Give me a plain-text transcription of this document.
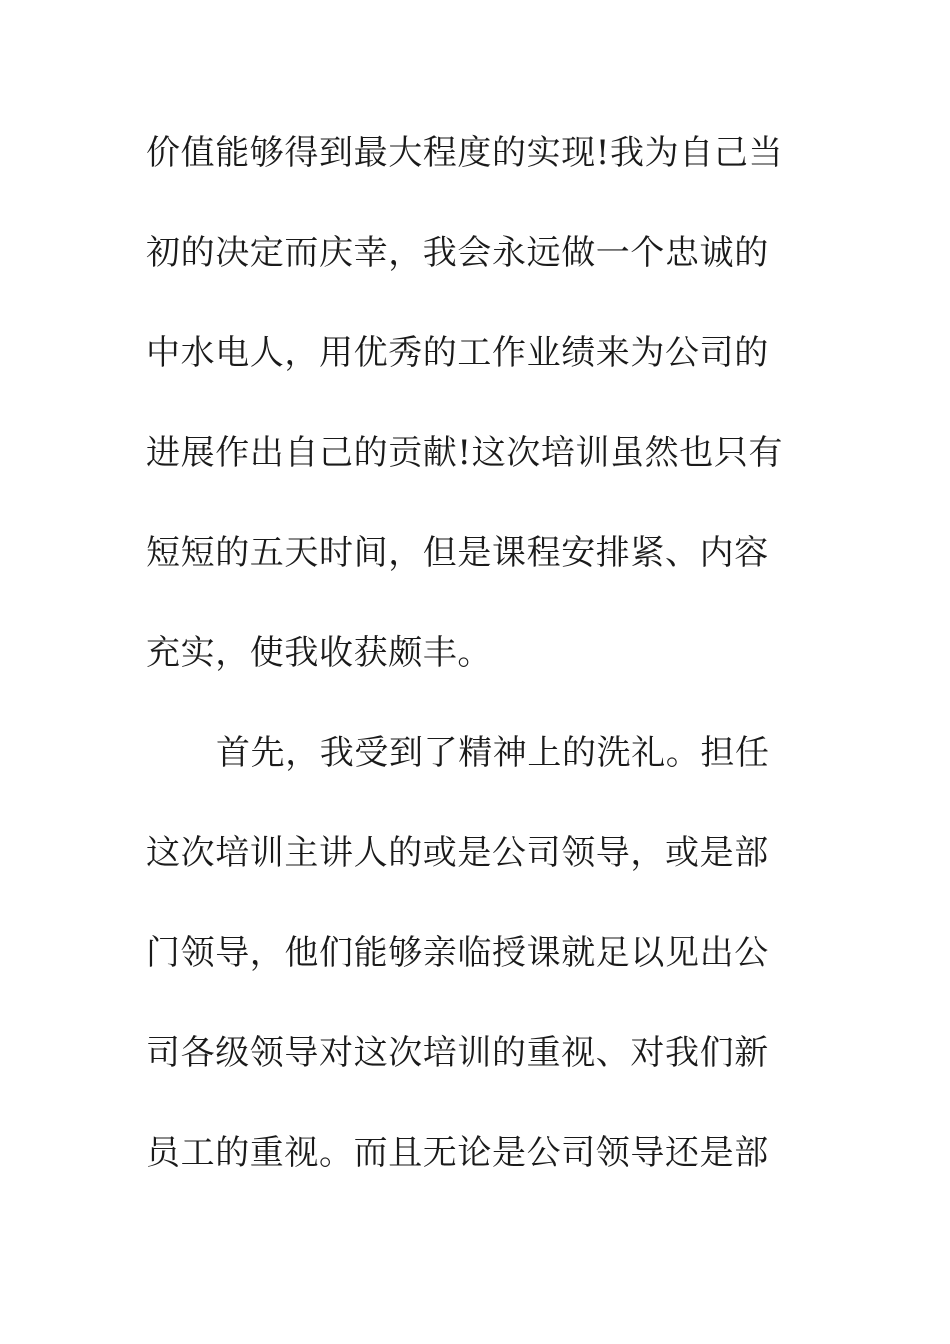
价值能够得到最大程度的实现!我为自己当

初的决定而庆幸，我会永远做一个忠诚的

中水电人，用优秀的工作业绩来为公司的

进展作出自己的贡献!这次培训虽然也只有

短短的五天时间，但是课程安排紧、内容

充实，使我收获颇丰。

首先，我受到了精神上的洗礼。担任

这次培训主讲人的或是公司领导，或是部

门领导，他们能够亲临授课就足以见出公

司各级领导对这次培训的重视、对我们新

员工的重视。而且无论是公司领导还是部
